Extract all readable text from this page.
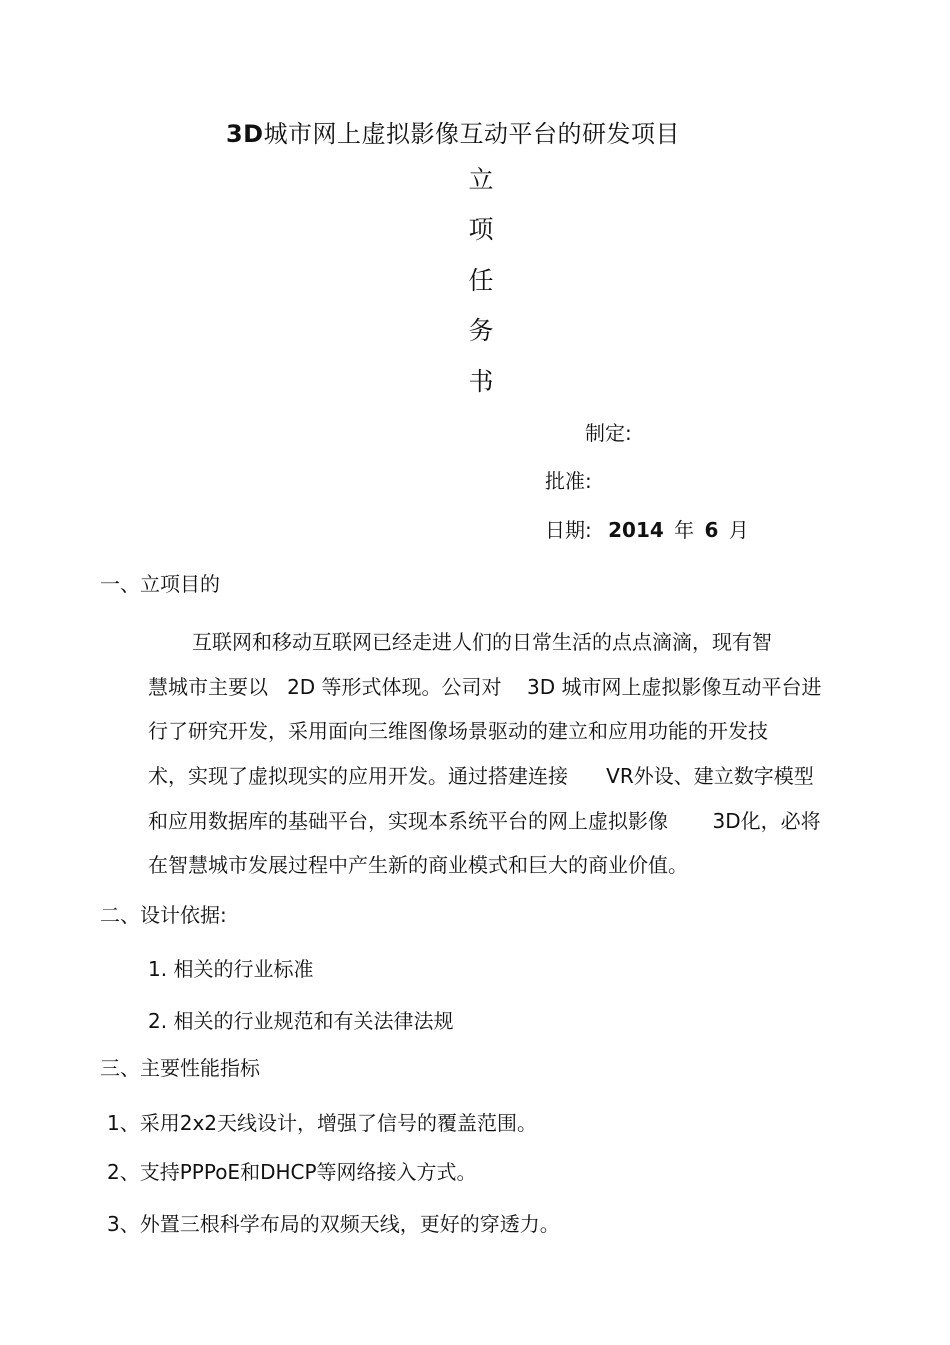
3D城市网上虚拟影像互动平台的研发项目
立
项
任
务
书
制定:
批准:
日期: 2014 年 6 月
一、立项目的
互联网和移动互联网已经走进人们的日常生活的点点滴滴，现有智
慧城市主要以   2D 等形式体现。公司对    3D 城市网上虚拟影像互动平台进
行了研究开发，采用面向三维图像场景驱动的建立和应用功能的开发技
术，实现了虚拟现实的应用开发。通过搭建连接      VR外设、建立数字模型
和应用数据库的基础平台，实现本系统平台的网上虚拟影像       3D化，必将
在智慧城市发展过程中产生新的商业模式和巨大的商业价值。
二、设计依据:
1. 相关的行业标准
2. 相关的行业规范和有关法律法规
三、主要性能指标
1、采用2x2天线设计，增强了信号的覆盖范围。
2、支持PPPoE和DHCP等网络接入方式。
3、外置三根科学布局的双频天线，更好的穿透力。
